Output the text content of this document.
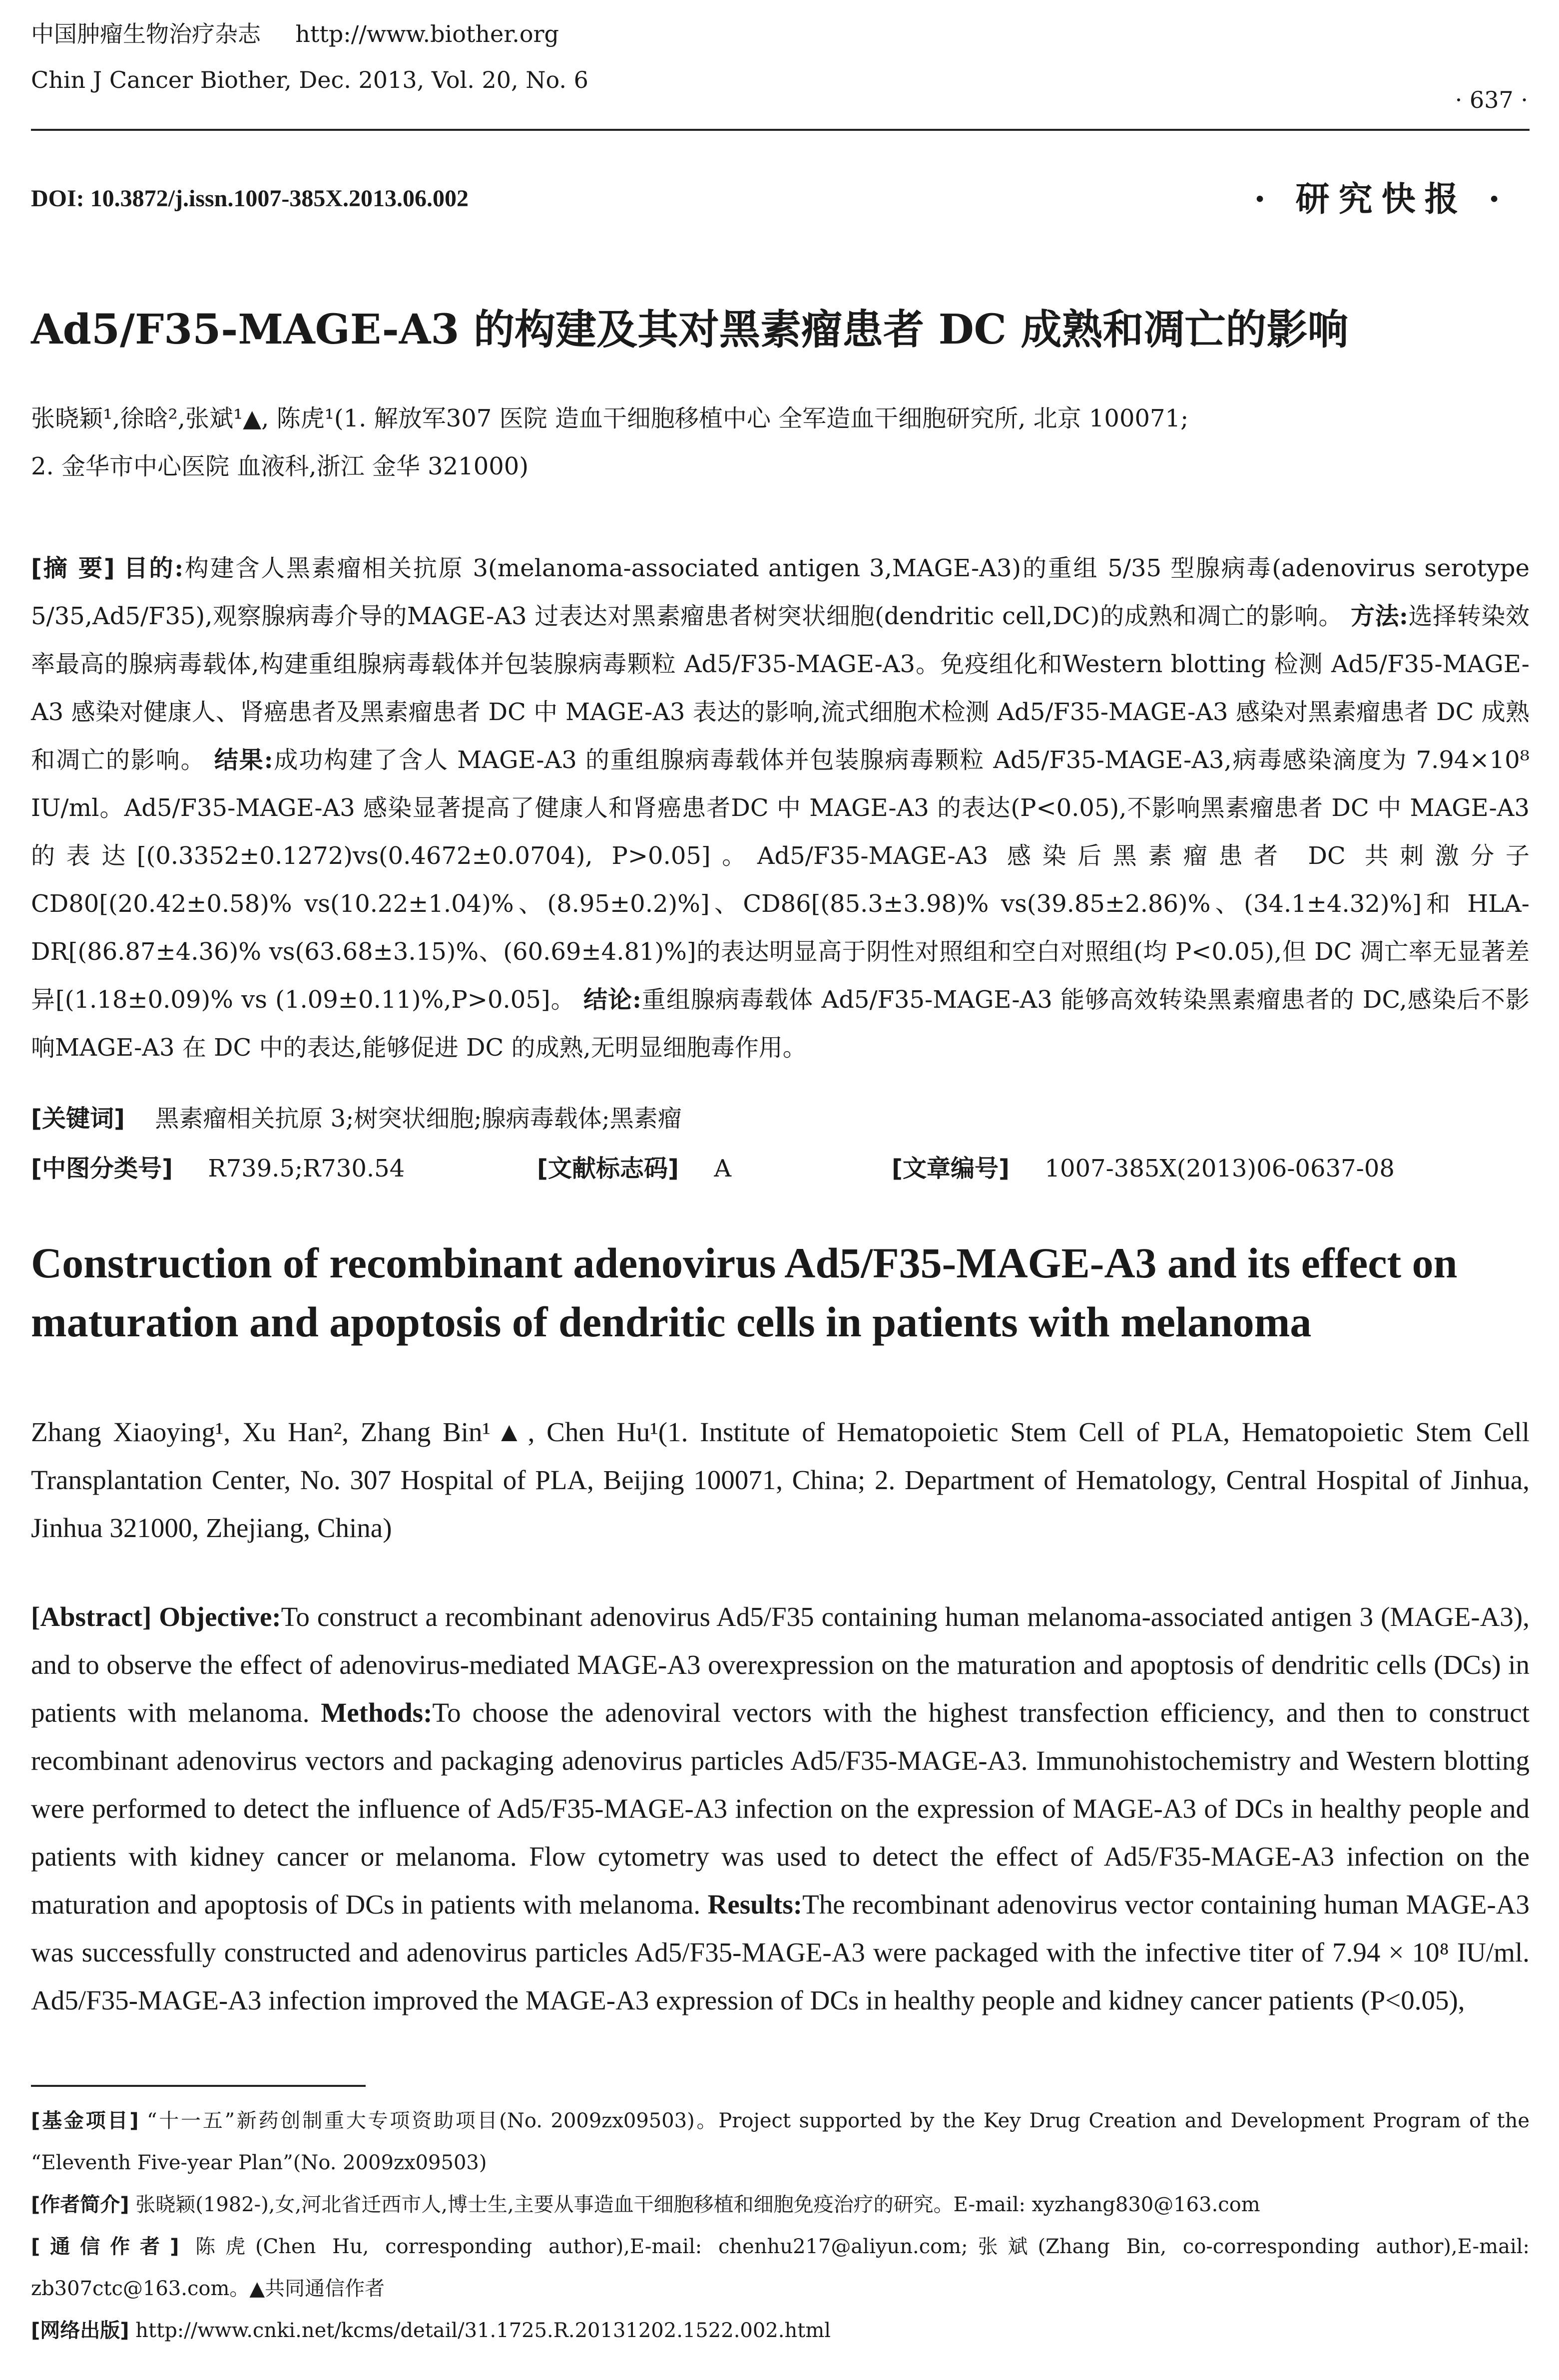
中国肿瘤生物治疗杂志 http://www.biother.org
Chin J Cancer Biother, Dec. 2013, Vol. 20, No. 6
· 637 ·
DOI: 10.3872/j.issn.1007-385X.2013.06.002	· 研究快报 ·
Ad5/F35-MAGE-A3 的构建及其对黑素瘤患者 DC 成熟和凋亡的影响
张晓颖¹,徐晗²,张斌¹▲, 陈虎¹(1. 解放军307 医院 造血干细胞移植中心 全军造血干细胞研究所, 北京 100071;
2. 金华市中心医院 血液科,浙江 金华 321000)
[摘 要] 目的:构建含人黑素瘤相关抗原 3(melanoma-associated antigen 3,MAGE-A3)的重组 5/35 型腺病毒(adenovirus serotype 5/35,Ad5/F35),观察腺病毒介导的MAGE-A3 过表达对黑素瘤患者树突状细胞(dendritic cell,DC)的成熟和凋亡的影响。 方法:选择转染效率最高的腺病毒载体,构建重组腺病毒载体并包装腺病毒颗粒 Ad5/F35-MAGE-A3。免疫组化和Western blotting 检测 Ad5/F35-MAGE-A3 感染对健康人、肾癌患者及黑素瘤患者 DC 中 MAGE-A3 表达的影响,流式细胞术检测 Ad5/F35-MAGE-A3 感染对黑素瘤患者 DC 成熟和凋亡的影响。 结果:成功构建了含人 MAGE-A3 的重组腺病毒载体并包装腺病毒颗粒 Ad5/F35-MAGE-A3,病毒感染滴度为 7.94×10⁸ IU/ml。Ad5/F35-MAGE-A3 感染显著提高了健康人和肾癌患者DC 中 MAGE-A3 的表达(P<0.05),不影响黑素瘤患者 DC 中 MAGE-A3 的表达[(0.3352±0.1272)vs(0.4672±0.0704), P>0.05]。Ad5/F35-MAGE-A3 感染后黑素瘤患者 DC 共刺激分子 CD80[(20.42±0.58)% vs(10.22±1.04)%、(8.95±0.2)%]、CD86[(85.3±3.98)% vs(39.85±2.86)%、(34.1±4.32)%]和 HLA-DR[(86.87±4.36)% vs(63.68±3.15)%、(60.69±4.81)%]的表达明显高于阴性对照组和空白对照组(均 P<0.05),但 DC 凋亡率无显著差异[(1.18±0.09)% vs (1.09±0.11)%,P>0.05]。 结论:重组腺病毒载体 Ad5/F35-MAGE-A3 能够高效转染黑素瘤患者的 DC,感染后不影响MAGE-A3 在 DC 中的表达,能够促进 DC 的成熟,无明显细胞毒作用。
[关键词] 黑素瘤相关抗原 3;树突状细胞;腺病毒载体;黑素瘤
[中图分类号] R739.5;R730.54	[文献标志码] A	[文章编号] 1007-385X(2013)06-0637-08
Construction of recombinant adenovirus Ad5/F35-MAGE-A3 and its effect on maturation and apoptosis of dendritic cells in patients with melanoma
Zhang Xiaoying¹, Xu Han², Zhang Bin¹▲, Chen Hu¹(1. Institute of Hematopoietic Stem Cell of PLA, Hematopoietic Stem Cell Transplantation Center, No. 307 Hospital of PLA, Beijing 100071, China; 2. Department of Hematology, Central Hospital of Jinhua, Jinhua 321000, Zhejiang, China)
[Abstract] Objective:To construct a recombinant adenovirus Ad5/F35 containing human melanoma-associated antigen 3 (MAGE-A3), and to observe the effect of adenovirus-mediated MAGE-A3 overexpression on the maturation and apoptosis of dendritic cells (DCs) in patients with melanoma. Methods:To choose the adenoviral vectors with the highest transfection efficiency, and then to construct recombinant adenovirus vectors and packaging adenovirus particles Ad5/F35-MAGE-A3. Immunohistochemistry and Western blotting were performed to detect the influence of Ad5/F35-MAGE-A3 infection on the expression of MAGE-A3 of DCs in healthy people and patients with kidney cancer or melanoma. Flow cytometry was used to detect the effect of Ad5/F35-MAGE-A3 infection on the maturation and apoptosis of DCs in patients with melanoma. Results:The recombinant adenovirus vector containing human MAGE-A3 was successfully constructed and adenovirus particles Ad5/F35-MAGE-A3 were packaged with the infective titer of 7.94 × 10⁸ IU/ml. Ad5/F35-MAGE-A3 infection improved the MAGE-A3 expression of DCs in healthy people and kidney cancer patients (P<0.05),
[基金项目] “十一五”新药创制重大专项资助项目(No. 2009zx09503)。Project supported by the Key Drug Creation and Development Program of the “Eleventh Five-year Plan”(No. 2009zx09503)
[作者简介] 张晓颖(1982-),女,河北省迁西市人,博士生,主要从事造血干细胞移植和细胞免疫治疗的研究。E-mail: xyzhang830@163.com
[通信作者] 陈虎(Chen Hu, corresponding author),E-mail: chenhu217@aliyun.com;张斌(Zhang Bin, co-corresponding author),E-mail: zb307ctc@163.com。▲共同通信作者
[网络出版] http://www.cnki.net/kcms/detail/31.1725.R.20131202.1522.002.html
